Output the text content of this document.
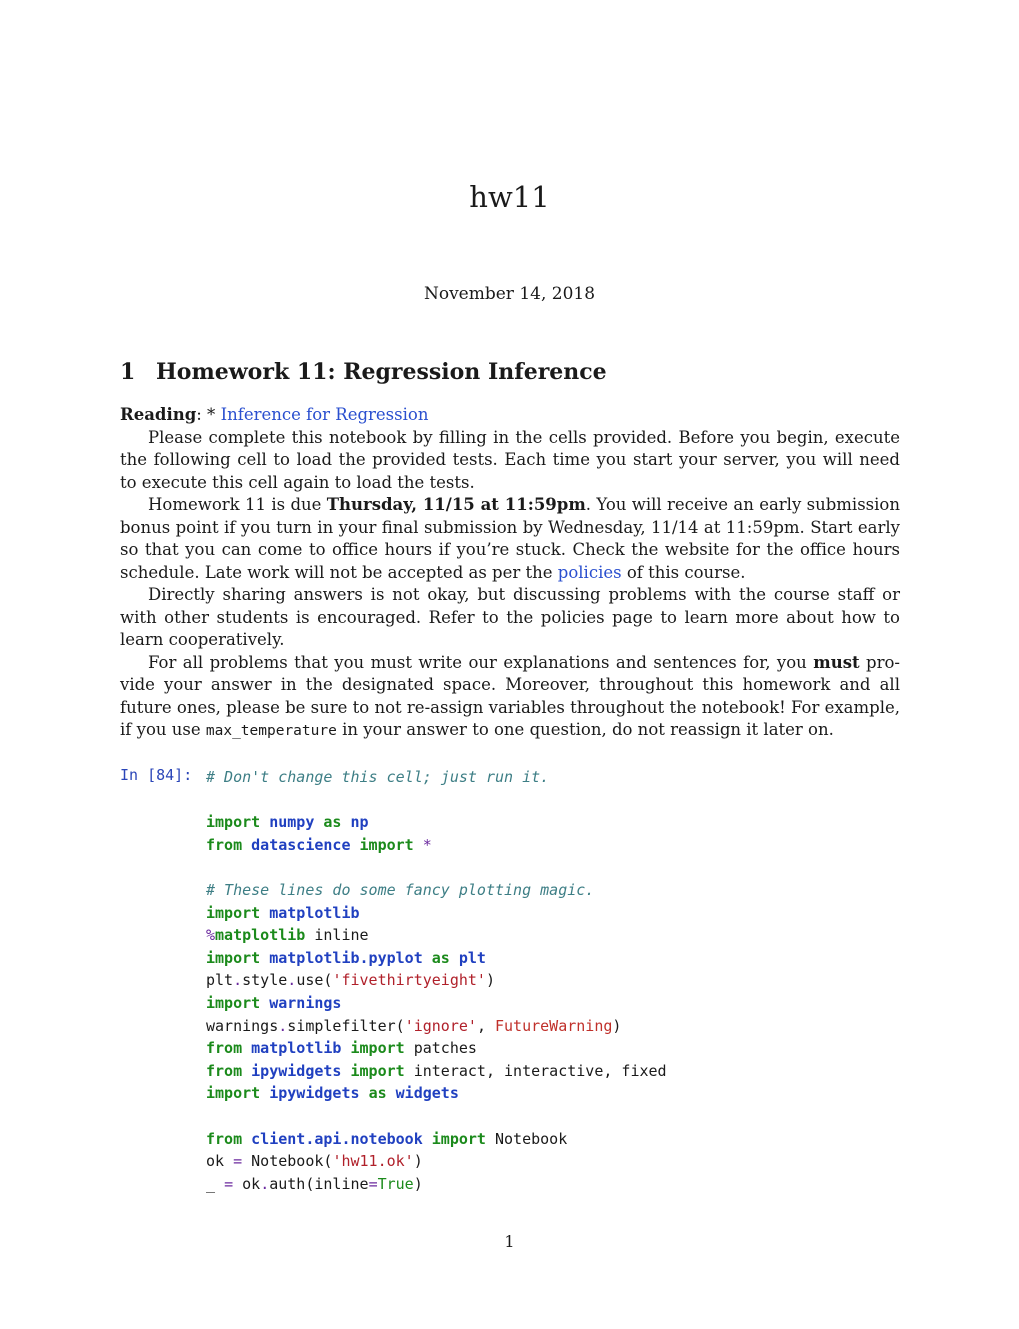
hw11
November 14, 2018
1 Homework 11: Regression Inference

Reading: * Inference for Regression

Please complete this notebook by filling in the cells provided. Before you begin, execute the following cell to load the provided tests. Each time you start your server, you will need to execute this cell again to load the tests.

Homework 11 is due Thursday, 11/15 at 11:59pm. You will receive an early submission bonus point if you turn in your final submission by Wednesday, 11/14 at 11:59pm. Start early so that you can come to office hours if you’re stuck. Check the website for the office hours schedule. Late work will not be accepted as per the policies of this course.

Directly sharing answers is not okay, but discussing problems with the course staff or with other students is encouraged. Refer to the policies page to learn more about how to learn cooperatively.

For all problems that you must write our explanations and sentences for, you must provide your answer in the designated space. Moreover, throughout this homework and all future ones, please be sure to not re-assign variables throughout the notebook! For example, if you use max_temperature in your answer to one question, do not reassign it later on.

In [84]: # Don't change this cell; just run it.

import numpy as np
from datascience import *

# These lines do some fancy plotting magic.
import matplotlib
%matplotlib inline
import matplotlib.pyplot as plt
plt.style.use('fivethirtyeight')
import warnings
warnings.simplefilter('ignore', FutureWarning)
from matplotlib import patches
from ipywidgets import interact, interactive, fixed
import ipywidgets as widgets

from client.api.notebook import Notebook
ok = Notebook('hw11.ok')
_ = ok.auth(inline=True)
1
